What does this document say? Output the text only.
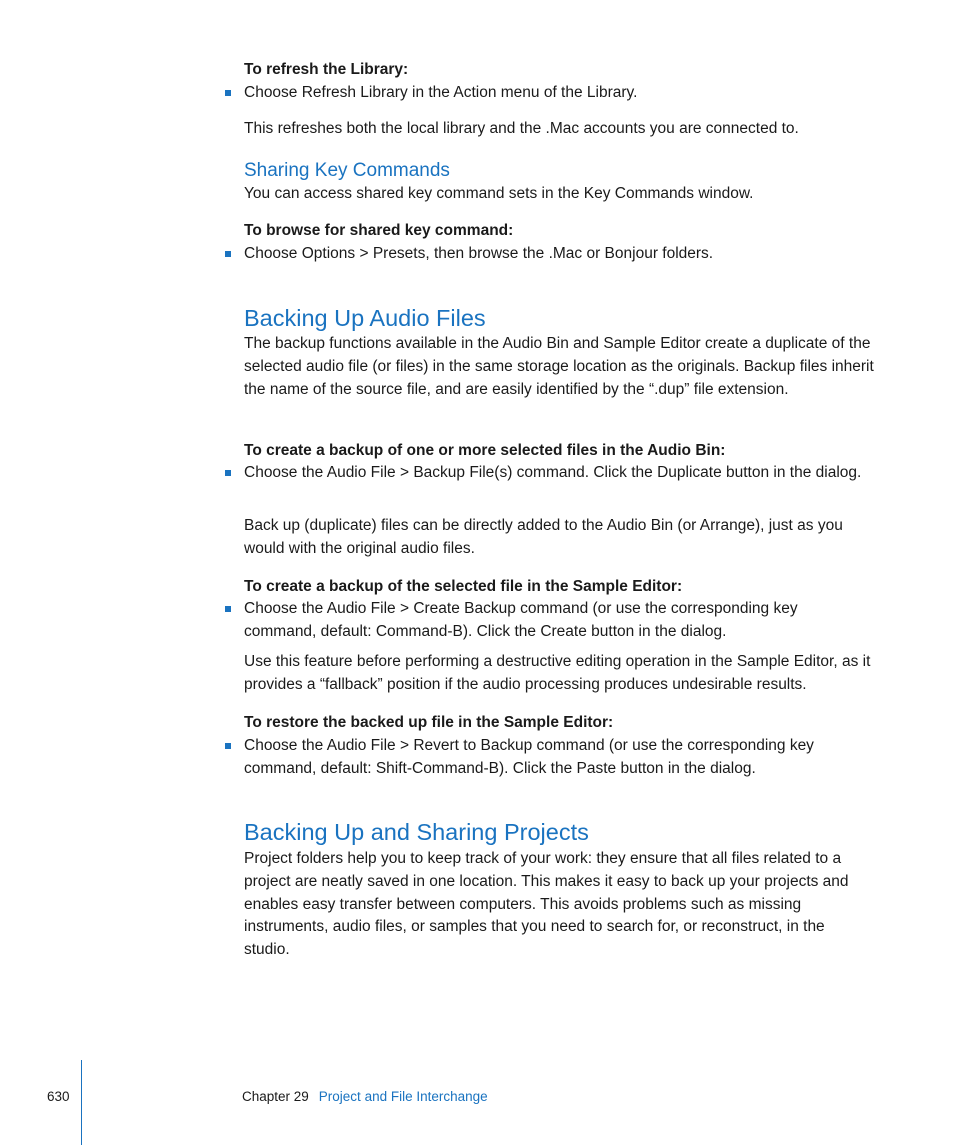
To refresh the Library:

Choose Refresh Library in the Action menu of the Library.

This refreshes both the local library and the .Mac accounts you are connected to.

Sharing Key Commands

You can access shared key command sets in the Key Commands window.

To browse for shared key command:

Choose Options > Presets, then browse the .Mac or Bonjour folders.

Backing Up Audio Files

The backup functions available in the Audio Bin and Sample Editor create a duplicate of the selected audio file (or files) in the same storage location as the originals. Backup files inherit the name of the source file, and are easily identified by the “.dup” file extension.

To create a backup of one or more selected files in the Audio Bin:

Choose the Audio File > Backup File(s) command. Click the Duplicate button in the dialog.

Back up (duplicate) files can be directly added to the Audio Bin (or Arrange), just as you would with the original audio files.

To create a backup of the selected file in the Sample Editor:

Choose the Audio File > Create Backup command (or use the corresponding key command, default: Command-B). Click the Create button in the dialog.

Use this feature before performing a destructive editing operation in the Sample Editor, as it provides a “fallback” position if the audio processing produces undesirable results.

To restore the backed up file in the Sample Editor:

Choose the Audio File > Revert to Backup command (or use the corresponding key command, default: Shift-Command-B). Click the Paste button in the dialog.

Backing Up and Sharing Projects

Project folders help you to keep track of your work: they ensure that all files related to a project are neatly saved in one location. This makes it easy to back up your projects and enables easy transfer between computers. This avoids problems such as missing instruments, audio files, or samples that you need to search for, or reconstruct, in the studio.

630	Chapter 29 Project and File Interchange
